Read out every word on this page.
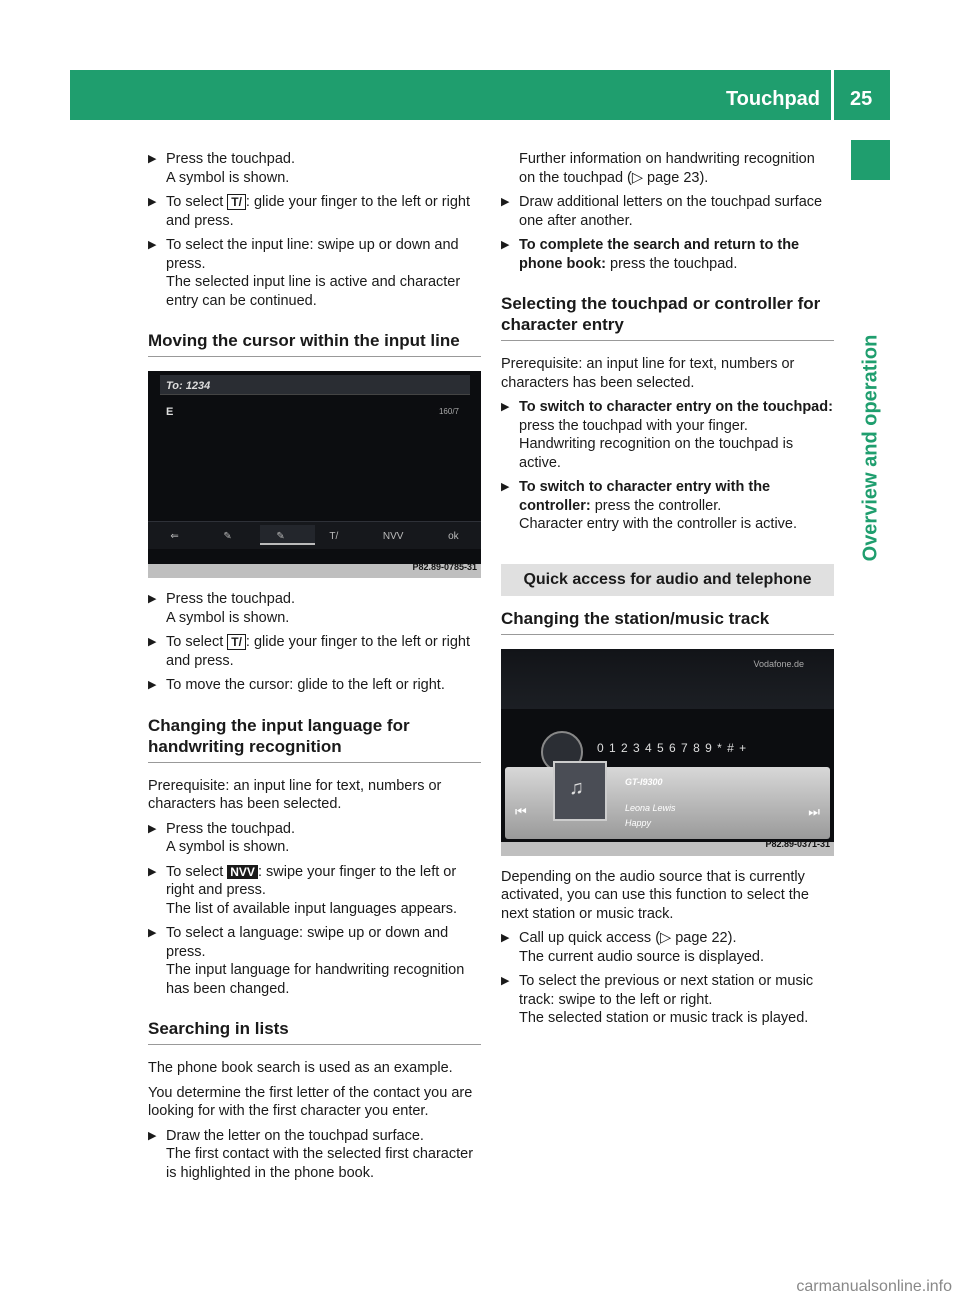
Touchpad 25
Overview and operation
▶ Press the touchpad.
A symbol is shown.
▶ To select T/ : glide your finger to the left or right and press.
▶ To select the input line: swipe up or down and press.
The selected input line is active and character entry can be continued.
Moving the cursor within the input line
To: 1234
E	160/7
⇐	✎	✎	T/	NVV	ok
P82.89-0785-31
▶ Press the touchpad.
A symbol is shown.
▶ To select T/ : glide your finger to the left or right and press.
▶ To move the cursor: glide to the left or right.
Changing the input language for handwriting recognition
Prerequisite: an input line for text, numbers or characters has been selected.
▶ Press the touchpad.
A symbol is shown.
▶ To select NVV : swipe your finger to the left or right and press.
The list of available input languages appears.
▶ To select a language: swipe up or down and press.
The input language for handwriting recognition has been changed.
Searching in lists
The phone book search is used as an example.
You determine the first letter of the contact you are looking for with the first character you enter.
▶ Draw the letter on the touchpad surface.
The first contact with the selected first character is highlighted in the phone book.
Further information on handwriting recognition on the touchpad (▷ page 23).
▶ Draw additional letters on the touchpad surface one after another.
▶ To complete the search and return to the phone book: press the touchpad.
Selecting the touchpad or controller for character entry
Prerequisite: an input line for text, numbers or characters has been selected.
▶ To switch to character entry on the touchpad: press the touchpad with your finger.
Handwriting recognition on the touchpad is active.
▶ To switch to character entry with the controller: press the controller.
Character entry with the controller is active.
Quick access for audio and telephone
Changing the station/music track
Vodafone.de
0 1 2 3 4 5 6 7 8 9 * # +
♫	GT-I9300
Leona Lewis
Happy
⏮	⏭
P82.89-0371-31
Depending on the audio source that is currently activated, you can use this function to select the next station or music track.
▶ Call up quick access (▷ page 22).
The current audio source is displayed.
▶ To select the previous or next station or music track: swipe to the left or right.
The selected station or music track is played.
carmanualsonline.info
